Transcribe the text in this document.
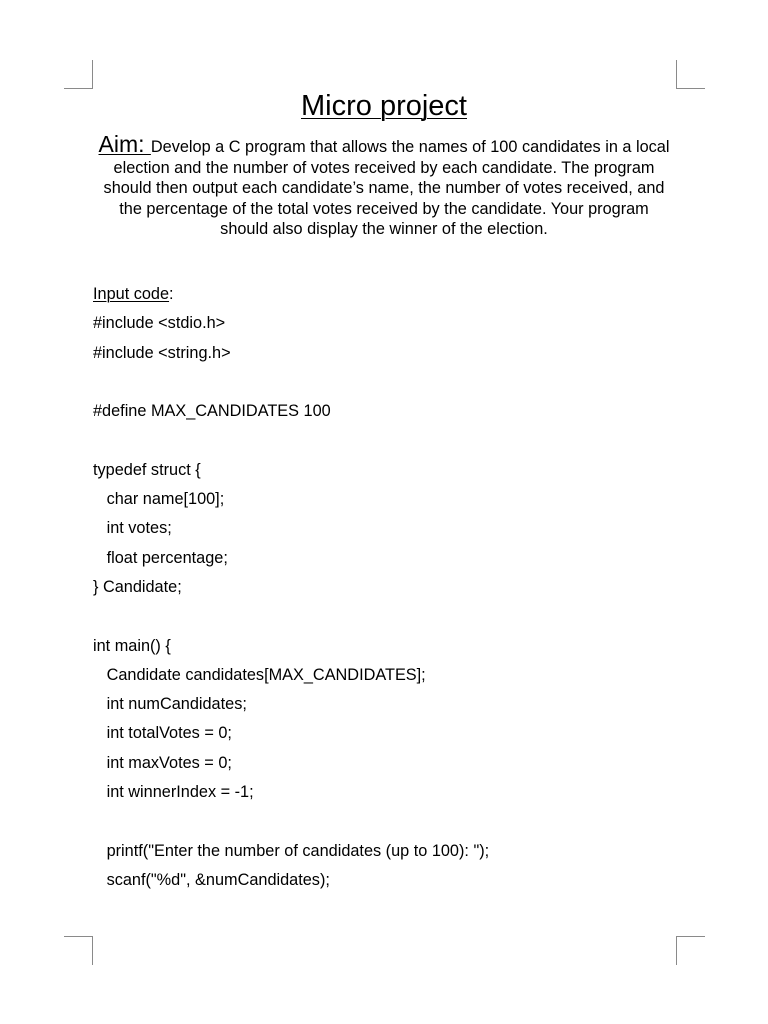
Micro project
Aim: Develop a C program that allows the names of 100 candidates in a local election and the number of votes received by each candidate. The program should then output each candidate’s name, the number of votes received, and the percentage of the total votes received by the candidate. Your program should also display the winner of the election.
Input code:
#include <stdio.h>
#include <string.h>
#define MAX_CANDIDATES 100
typedef struct {
char name[100];
int votes;
float percentage;
} Candidate;
int main() {
Candidate candidates[MAX_CANDIDATES];
int numCandidates;
int totalVotes = 0;
int maxVotes = 0;
int winnerIndex = -1;
printf("Enter the number of candidates (up to 100): ");
scanf("%d", &numCandidates);
